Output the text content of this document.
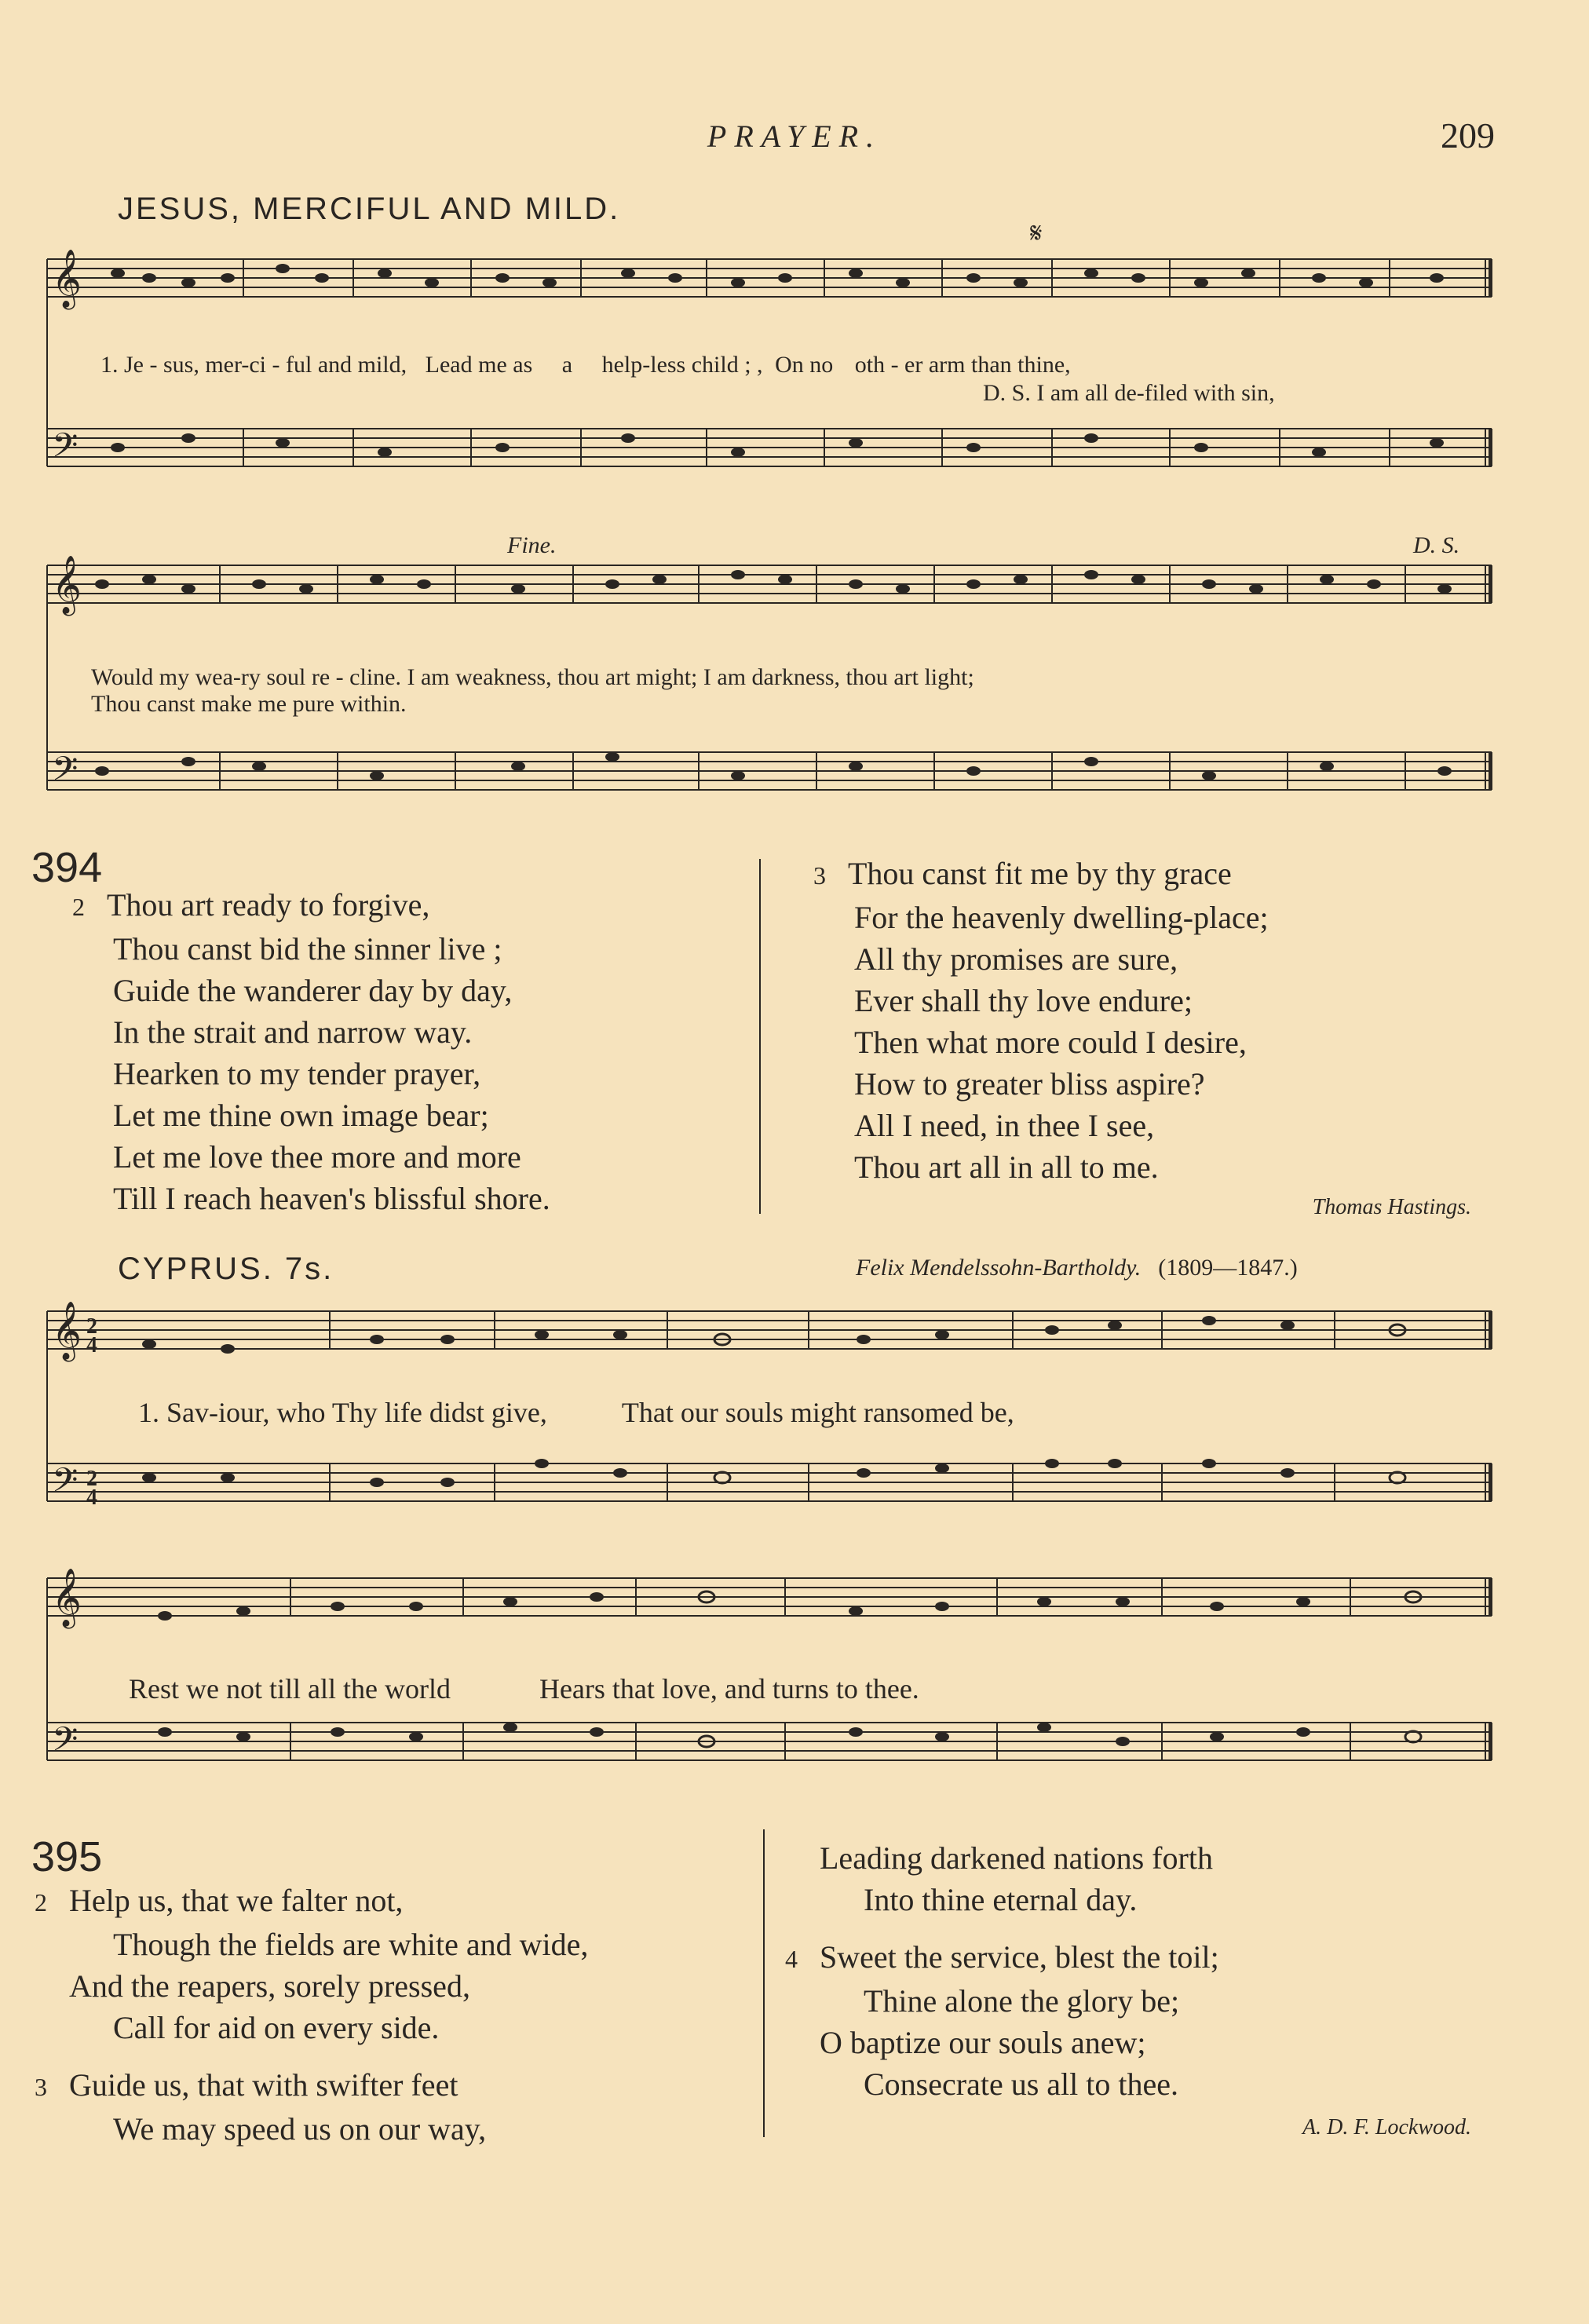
PRAYER.	209
JESUS, MERCIFUL AND MILD.
𝄋
𝄞
𝄢
1. Je - sus, mer-ci - ful and mild, Lead me as a help-less child ; , On no oth - er arm than thine,
D. S. I am all de-filed with sin,
Fine.	D. S.
𝄞
𝄢
Would my wea-ry soul re - cline. I am weakness, thou art might; I am darkness, thou art light;
Thou canst make me pure within.
394
2 Thou art ready to forgive,
Thou canst bid the sinner live ;
Guide the wanderer day by day,
In the strait and narrow way.
Hearken to my tender prayer,
Let me thine own image bear;
Let me love thee more and more
Till I reach heaven's blissful shore.
3 Thou canst fit me by thy grace
For the heavenly dwelling-place;
All thy promises are sure,
Ever shall thy love endure;
Then what more could I desire,
How to greater bliss aspire?
All I need, in thee I see,
Thou art all in all to me.
Thomas Hastings.
CYPRUS. 7s.	Felix Mendelssohn-Bartholdy. (1809—1847.)
𝄞
𝄢
2
4
2
4
1. Sav-iour, who Thy life didst give,	That our souls might ransomed be,
𝄞
𝄢
Rest we not till all the world	Hears that love, and turns to thee.
395
2 Help us, that we falter not,
Though the fields are white and wide,
And the reapers, sorely pressed,
Call for aid on every side.
3 Guide us, that with swifter feet
We may speed us on our way,
Leading darkened nations forth
Into thine eternal day.
4 Sweet the service, blest the toil;
Thine alone the glory be;
O baptize our souls anew;
Consecrate us all to thee.
A. D. F. Lockwood.
